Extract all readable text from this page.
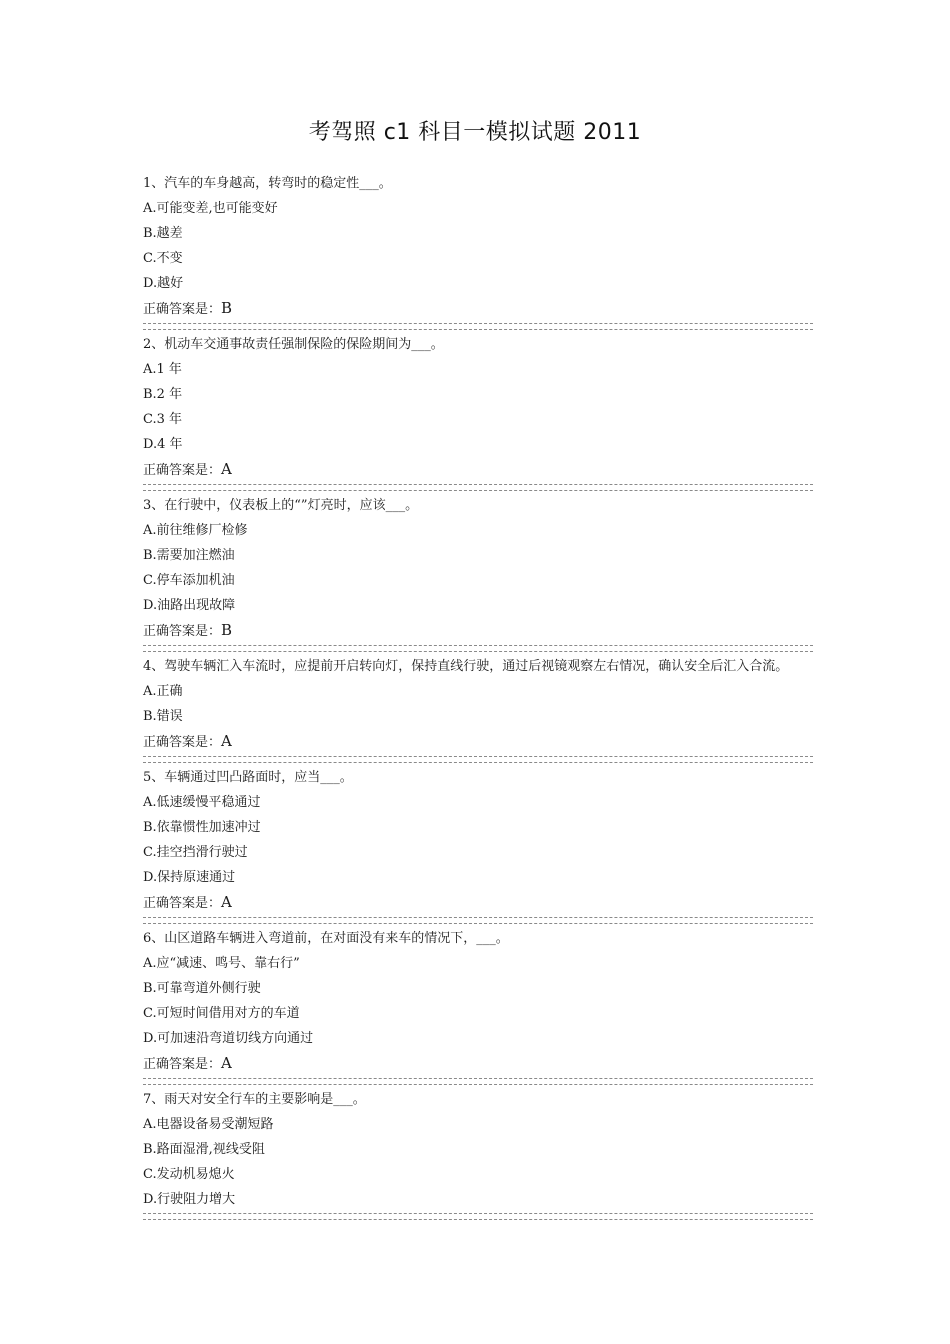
考驾照 c1 科目一模拟试题 2011
1、汽车的车身越高，转弯时的稳定性___。
A.可能变差,也可能变好
B.越差
C.不变
D.越好
正确答案是：B
2、机动车交通事故责任强制保险的保险期间为___。
A.1 年
B.2 年
C.3 年
D.4 年
正确答案是：A
3、在行驶中，仪表板上的“”灯亮时，应该___。
A.前往维修厂检修
B.需要加注燃油
C.停车添加机油
D.油路出现故障
正确答案是：B
4、驾驶车辆汇入车流时，应提前开启转向灯，保持直线行驶，通过后视镜观察左右情况，确认安全后汇入合流。
A.正确
B.错误
正确答案是：A
5、车辆通过凹凸路面时，应当___。
A.低速缓慢平稳通过
B.依靠惯性加速冲过
C.挂空挡滑行驶过
D.保持原速通过
正确答案是：A
6、山区道路车辆进入弯道前，在对面没有来车的情况下，___。
A.应“减速、鸣号、靠右行”
B.可靠弯道外侧行驶
C.可短时间借用对方的车道
D.可加速沿弯道切线方向通过
正确答案是：A
7、雨天对安全行车的主要影响是___。
A.电器设备易受潮短路
B.路面湿滑,视线受阻
C.发动机易熄火
D.行驶阻力增大
